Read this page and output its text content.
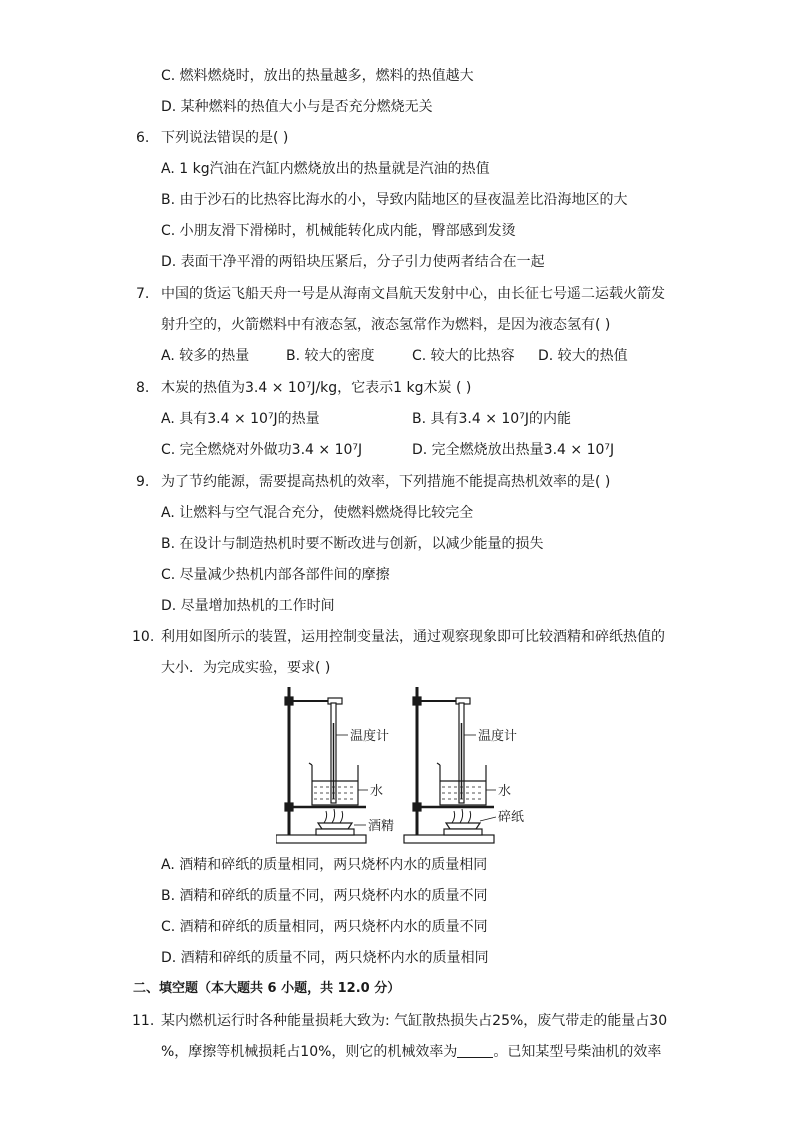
C. 燃料燃烧时，放出的热量越多，燃料的热值越大
D. 某种燃料的热值大小与是否充分燃烧无关
6. 下列说法错误的是( )
A. 1 kg汽油在汽缸内燃烧放出的热量就是汽油的热值
B. 由于沙石的比热容比海水的小，导致内陆地区的昼夜温差比沿海地区的大
C. 小朋友滑下滑梯时，机械能转化成内能，臀部感到发烫
D. 表面干净平滑的两铅块压紧后，分子引力使两者结合在一起
7. 中国的货运飞船天舟一号是从海南文昌航天发射中心，由长征七号遥二运载火箭发
射升空的，火箭燃料中有液态氢，液态氢常作为燃料，是因为液态氢有( )
A. 较多的热量	B. 较大的密度	C. 较大的比热容 D. 较大的热值
8. 木炭的热值为3.4 × 10⁷J/kg，它表示1 kg木炭 ( )
A. 具有3.4 × 10⁷J的热量	B. 具有3.4 × 10⁷J的内能
C. 完全燃烧对外做功3.4 × 10⁷J	D. 完全燃烧放出热量3.4 × 10⁷J
9. 为了节约能源，需要提高热机的效率，下列措施不能提高热机效率的是( )
A. 让燃料与空气混合充分，使燃料燃烧得比较完全
B. 在设计与制造热机时要不断改进与创新，以减少能量的损失
C. 尽量减少热机内部各部件间的摩擦
D. 尽量增加热机的工作时间
10. 利用如图所示的装置，运用控制变量法，通过观察现象即可比较酒精和碎纸热值的
大小．为完成实验，要求( )
温度计	温度计
水	水
酒精
碎纸
A. 酒精和碎纸的质量相同，两只烧杯内水的质量相同
B. 酒精和碎纸的质量不同，两只烧杯内水的质量不同
C. 酒精和碎纸的质量相同，两只烧杯内水的质量不同
D. 酒精和碎纸的质量不同，两只烧杯内水的质量相同
二、填空题（本大题共 6 小题，共 12.0 分）
11. 某内燃机运行时各种能量损耗大致为: 气缸散热损失占25%，废气带走的能量占30
%，摩擦等机械损耗占10%，则它的机械效率为	。已知某型号柴油机的效率
